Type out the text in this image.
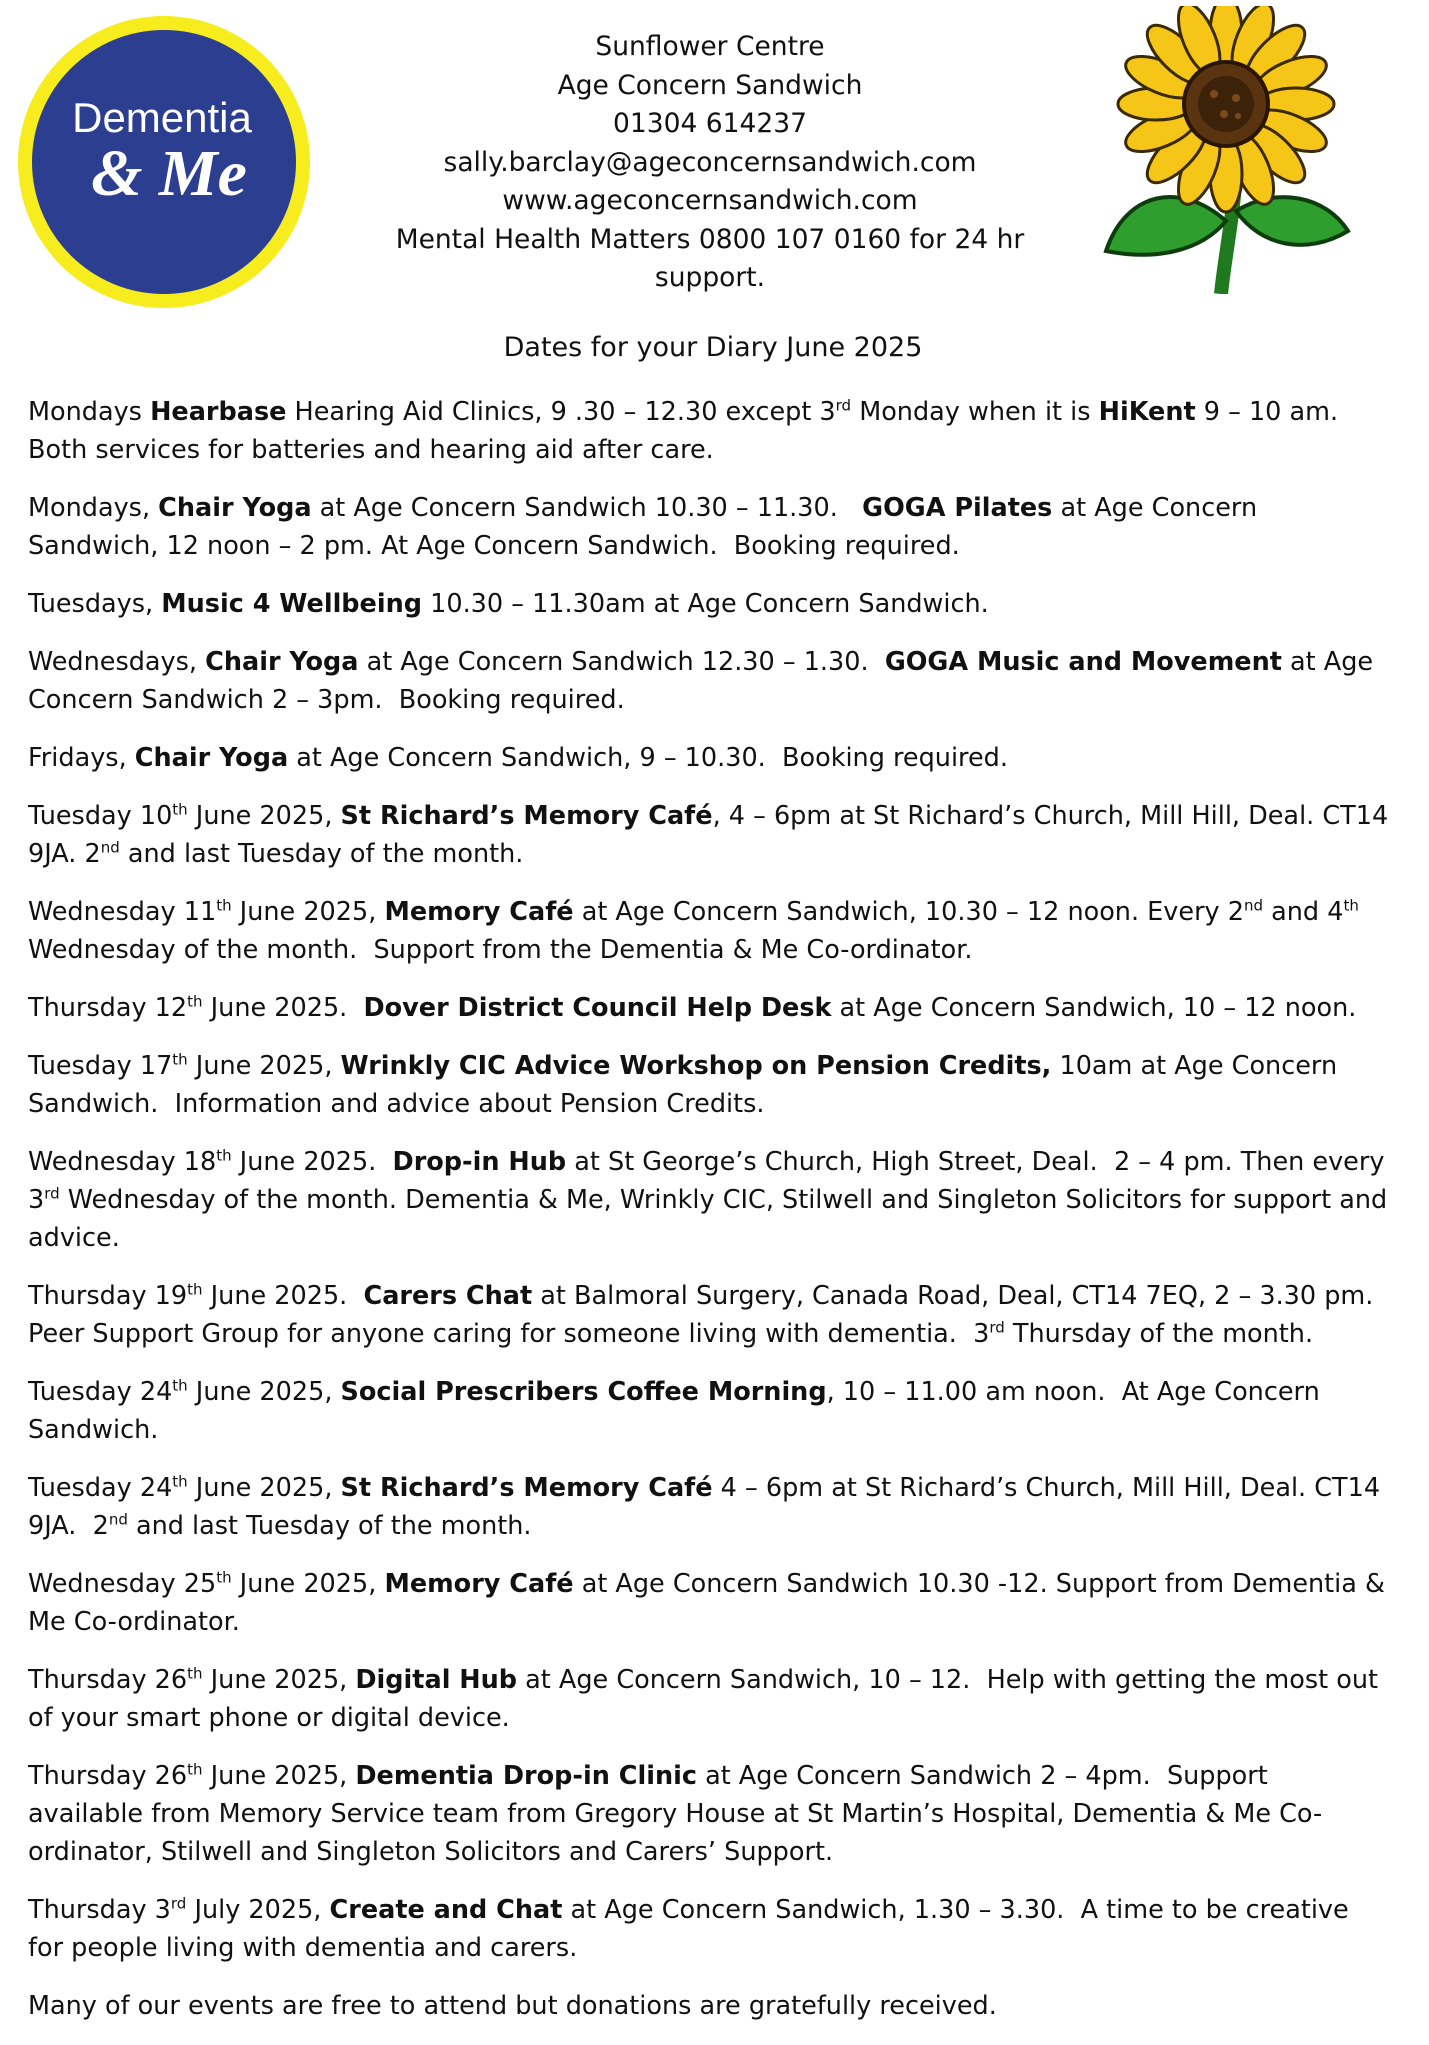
Dementia
& Me
Sunflower Centre
Age Concern Sandwich
01304 614237
sally.barclay@ageconcernsandwich.com
www.ageconcernsandwich.com
Mental Health Matters 0800 107 0160 for 24 hr
support.
Dates for your Diary June 2025
Mondays Hearbase Hearing Aid Clinics, 9 .30 – 12.30 except 3rd Monday when it is HiKent 9 – 10 am.
Both services for batteries and hearing aid after care.
Mondays, Chair Yoga at Age Concern Sandwich 10.30 – 11.30.   GOGA Pilates at Age Concern
Sandwich, 12 noon – 2 pm. At Age Concern Sandwich.  Booking required.
Tuesdays, Music 4 Wellbeing 10.30 – 11.30am at Age Concern Sandwich.
Wednesdays, Chair Yoga at Age Concern Sandwich 12.30 – 1.30.  GOGA Music and Movement at Age
Concern Sandwich 2 – 3pm.  Booking required.
Fridays, Chair Yoga at Age Concern Sandwich, 9 – 10.30.  Booking required.
Tuesday 10th June 2025, St Richard’s Memory Café, 4 – 6pm at St Richard’s Church, Mill Hill, Deal. CT14
9JA. 2nd and last Tuesday of the month.
Wednesday 11th June 2025, Memory Café at Age Concern Sandwich, 10.30 – 12 noon. Every 2nd and 4th
Wednesday of the month.  Support from the Dementia & Me Co-ordinator.
Thursday 12th June 2025.  Dover District Council Help Desk at Age Concern Sandwich, 10 – 12 noon.
Tuesday 17th June 2025, Wrinkly CIC Advice Workshop on Pension Credits, 10am at Age Concern
Sandwich.  Information and advice about Pension Credits.
Wednesday 18th June 2025.  Drop-in Hub at St George’s Church, High Street, Deal.  2 – 4 pm. Then every
3rd Wednesday of the month. Dementia & Me, Wrinkly CIC, Stilwell and Singleton Solicitors for support and
advice.
Thursday 19th June 2025.  Carers Chat at Balmoral Surgery, Canada Road, Deal, CT14 7EQ, 2 – 3.30 pm.
Peer Support Group for anyone caring for someone living with dementia.  3rd Thursday of the month.
Tuesday 24th June 2025, Social Prescribers Coffee Morning, 10 – 11.00 am noon.  At Age Concern
Sandwich.
Tuesday 24th June 2025, St Richard’s Memory Café 4 – 6pm at St Richard’s Church, Mill Hill, Deal. CT14
9JA.  2nd and last Tuesday of the month.
Wednesday 25th June 2025, Memory Café at Age Concern Sandwich 10.30 -12. Support from Dementia &
Me Co-ordinator.
Thursday 26th June 2025, Digital Hub at Age Concern Sandwich, 10 – 12.  Help with getting the most out
of your smart phone or digital device.
Thursday 26th June 2025, Dementia Drop-in Clinic at Age Concern Sandwich 2 – 4pm.  Support
available from Memory Service team from Gregory House at St Martin’s Hospital, Dementia & Me Co-
ordinator, Stilwell and Singleton Solicitors and Carers’ Support.
Thursday 3rd July 2025, Create and Chat at Age Concern Sandwich, 1.30 – 3.30.  A time to be creative
for people living with dementia and carers.
Many of our events are free to attend but donations are gratefully received.
